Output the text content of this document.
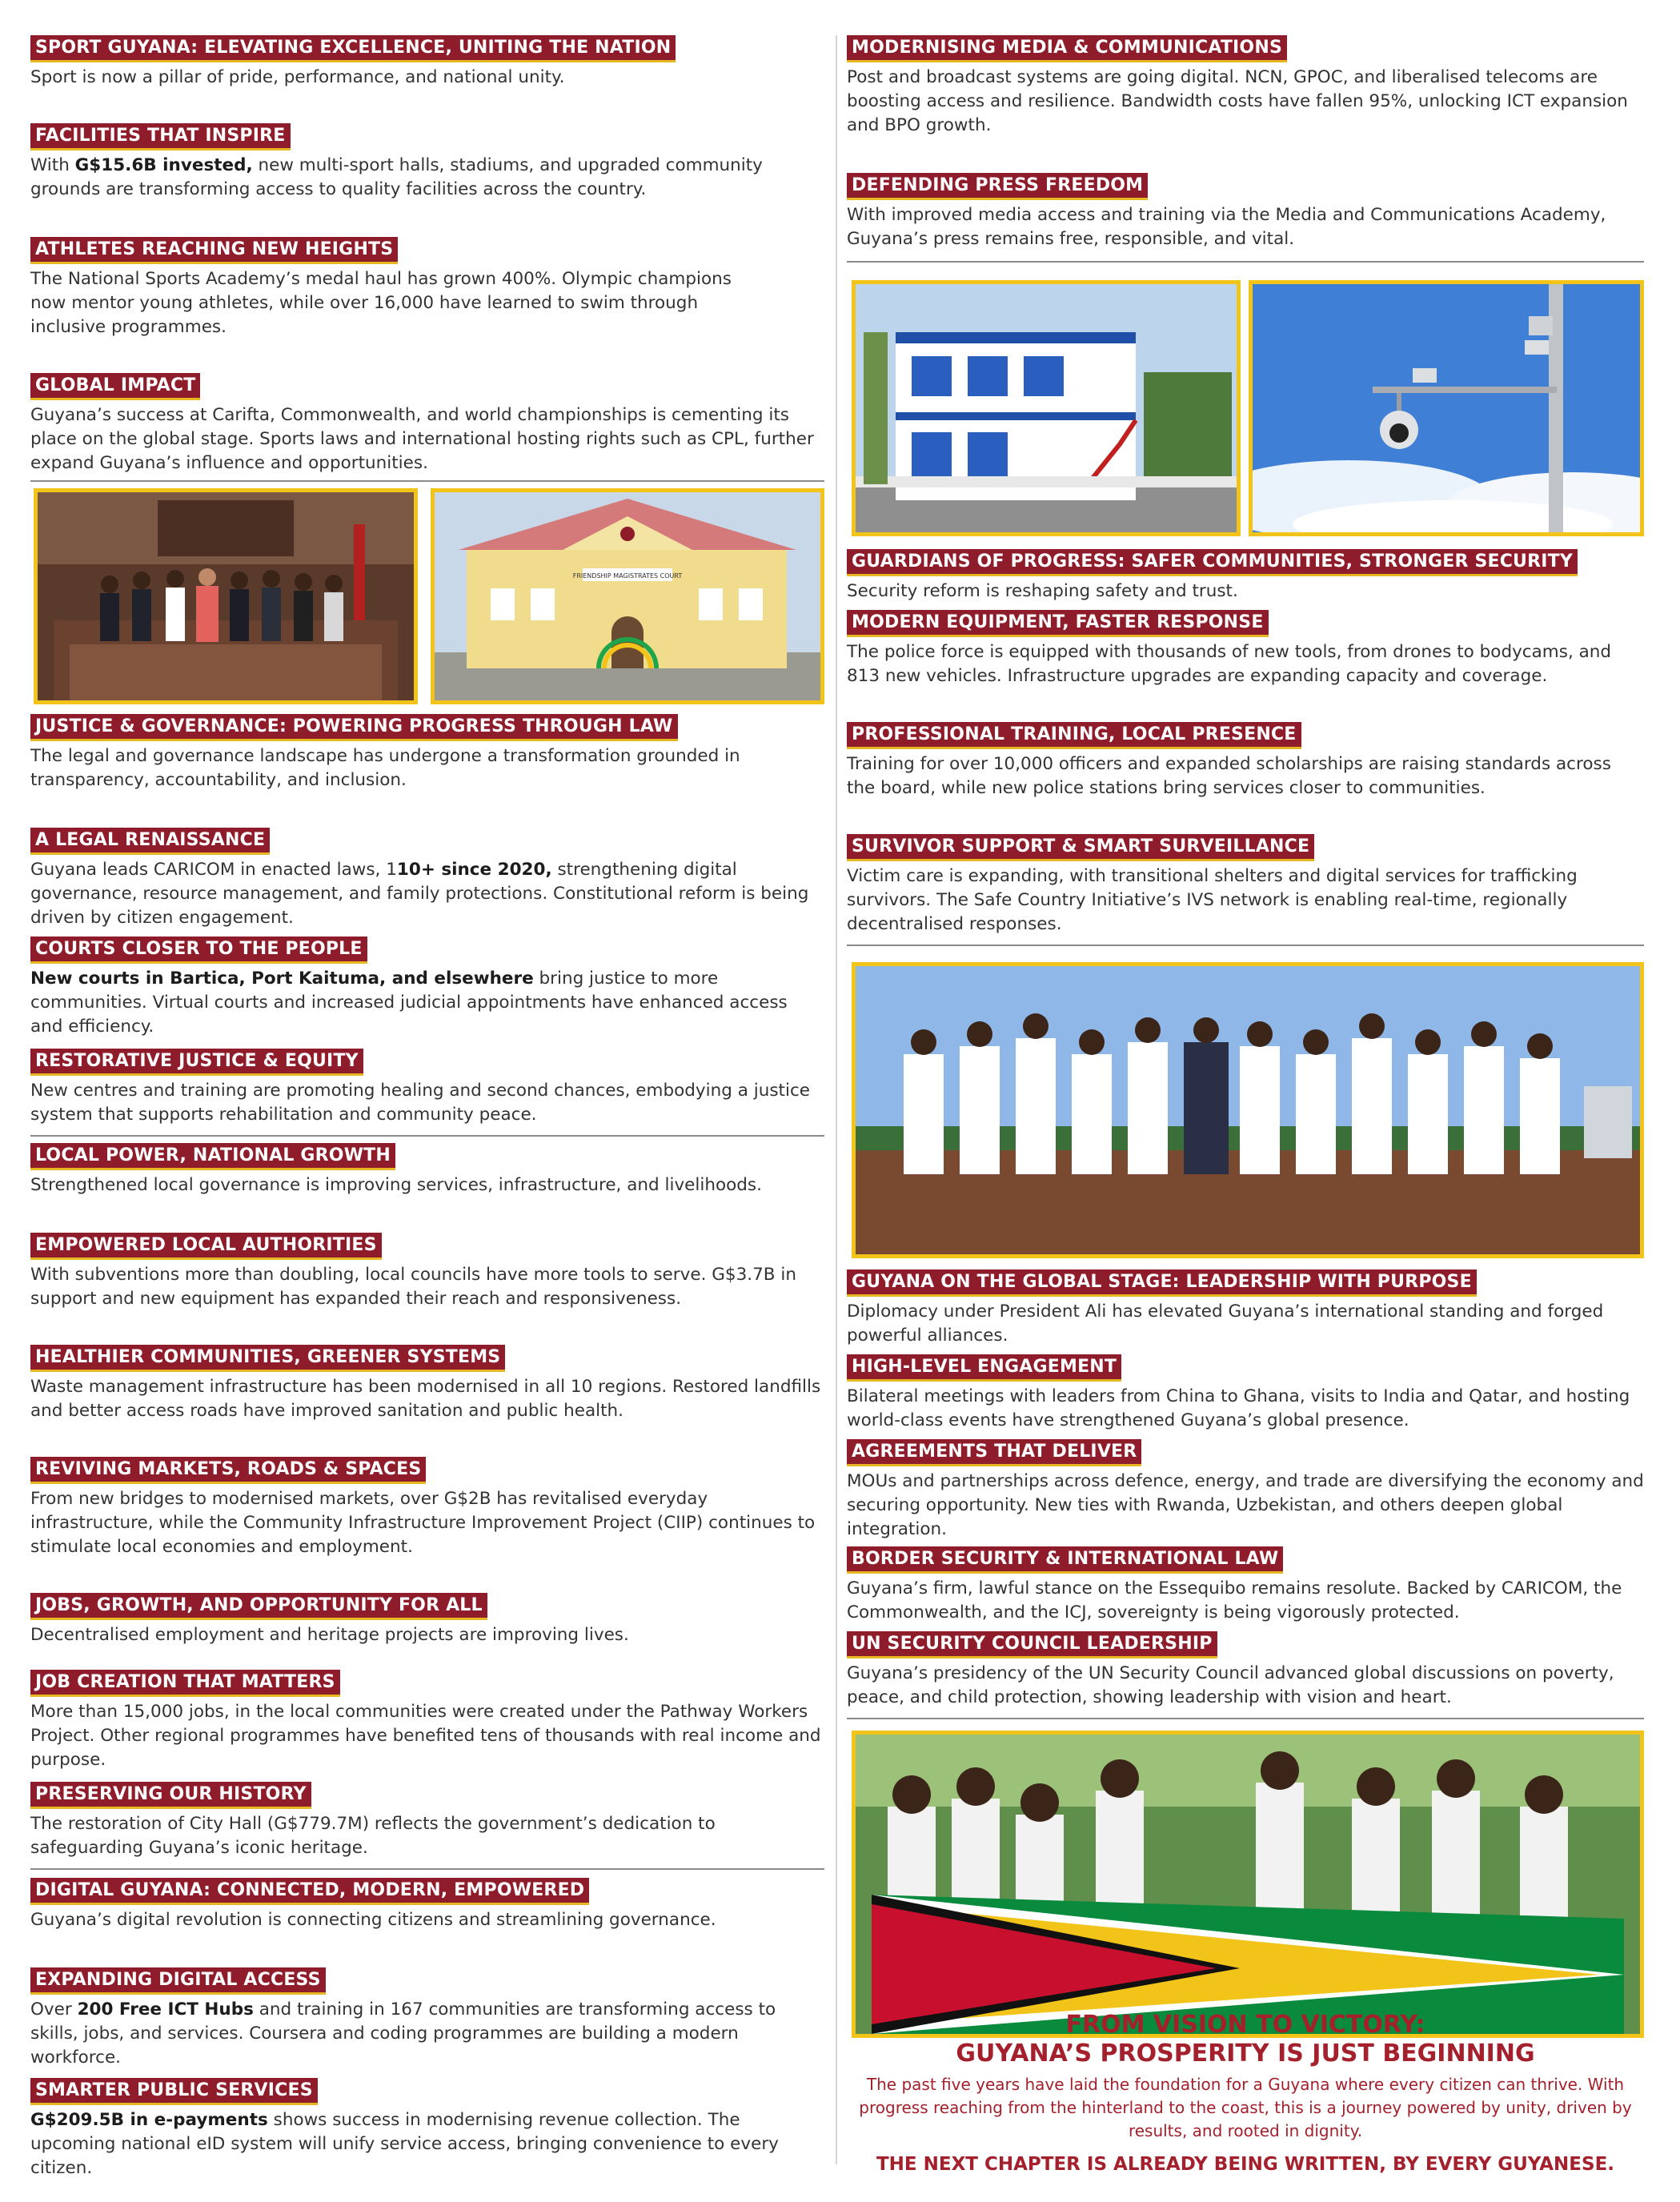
SPORT GUYANA: ELEVATING EXCELLENCE, UNITING THE NATION
Sport is now a pillar of pride, performance, and national unity.
FACILITIES THAT INSPIRE
With G$15.6B invested, new multi-sport halls, stadiums, and upgraded community grounds are transforming access to quality facilities across the country.
ATHLETES REACHING NEW HEIGHTS
The National Sports Academy’s medal haul has grown 400%. Olympic champions now mentor young athletes, while over 16,000 have learned to swim through inclusive programmes.
GLOBAL IMPACT
Guyana’s success at Carifta, Commonwealth, and world championships is cementing its place on the global stage. Sports laws and international hosting rights such as CPL, further expand Guyana’s influence and opportunities.
FRIENDSHIP MAGISTRATES COURT
JUSTICE & GOVERNANCE: POWERING PROGRESS THROUGH LAW
The legal and governance landscape has undergone a transformation grounded in transparency, accountability, and inclusion.
A LEGAL RENAISSANCE
Guyana leads CARICOM in enacted laws, 110+ since 2020, strengthening digital governance, resource management, and family protections. Constitutional reform is being driven by citizen engagement.
COURTS CLOSER TO THE PEOPLE
New courts in Bartica, Port Kaituma, and elsewhere bring justice to more communities. Virtual courts and increased judicial appointments have enhanced access and efficiency.
RESTORATIVE JUSTICE & EQUITY
New centres and training are promoting healing and second chances, embodying a justice system that supports rehabilitation and community peace.
LOCAL POWER, NATIONAL GROWTH
Strengthened local governance is improving services, infrastructure, and livelihoods.
EMPOWERED LOCAL AUTHORITIES
With subventions more than doubling, local councils have more tools to serve. G$3.7B in support and new equipment has expanded their reach and responsiveness.
HEALTHIER COMMUNITIES, GREENER SYSTEMS
Waste management infrastructure has been modernised in all 10 regions. Restored landfills and better access roads have improved sanitation and public health.
REVIVING MARKETS, ROADS & SPACES
From new bridges to modernised markets, over G$2B has revitalised everyday infrastructure, while the Community Infrastructure Improvement Project (CIIP) continues to stimulate local economies and employment.
JOBS, GROWTH, AND OPPORTUNITY FOR ALL
Decentralised employment and heritage projects are improving lives.
JOB CREATION THAT MATTERS
More than 15,000 jobs, in the local communities were created under the Pathway Workers Project. Other regional programmes have benefited tens of thousands with real income and purpose.
PRESERVING OUR HISTORY
The restoration of City Hall (G$779.7M) reflects the government’s dedication to safeguarding Guyana’s iconic heritage.
DIGITAL GUYANA: CONNECTED, MODERN, EMPOWERED
Guyana’s digital revolution is connecting citizens and streamlining governance.
EXPANDING DIGITAL ACCESS
Over 200 Free ICT Hubs and training in 167 communities are transforming access to skills, jobs, and services. Coursera and coding programmes are building a modern workforce.
SMARTER PUBLIC SERVICES
G$209.5B in e-payments shows success in modernising revenue collection. The upcoming national eID system will unify service access, bringing convenience to every citizen.
MODERNISING MEDIA & COMMUNICATIONS
Post and broadcast systems are going digital. NCN, GPOC, and liberalised telecoms are boosting access and resilience. Bandwidth costs have fallen 95%, unlocking ICT expansion and BPO growth.
DEFENDING PRESS FREEDOM
With improved media access and training via the Media and Communications Academy, Guyana’s press remains free, responsible, and vital.
GUARDIANS OF PROGRESS: SAFER COMMUNITIES, STRONGER SECURITY
Security reform is reshaping safety and trust.
MODERN EQUIPMENT, FASTER RESPONSE
The police force is equipped with thousands of new tools, from drones to bodycams, and 813 new vehicles. Infrastructure upgrades are expanding capacity and coverage.
PROFESSIONAL TRAINING, LOCAL PRESENCE
Training for over 10,000 officers and expanded scholarships are raising standards across the board, while new police stations bring services closer to communities.
SURVIVOR SUPPORT & SMART SURVEILLANCE
Victim care is expanding, with transitional shelters and digital services for trafficking survivors. The Safe Country Initiative’s IVS network is enabling real-time, regionally decentralised responses.
GUYANA ON THE GLOBAL STAGE: LEADERSHIP WITH PURPOSE
Diplomacy under President Ali has elevated Guyana’s international standing and forged powerful alliances.
HIGH-LEVEL ENGAGEMENT
Bilateral meetings with leaders from China to Ghana, visits to India and Qatar, and hosting world-class events have strengthened Guyana’s global presence.
AGREEMENTS THAT DELIVER
MOUs and partnerships across defence, energy, and trade are diversifying the economy and securing opportunity. New ties with Rwanda, Uzbekistan, and others deepen global integration.
BORDER SECURITY & INTERNATIONAL LAW
Guyana’s firm, lawful stance on the Essequibo remains resolute. Backed by CARICOM, the Commonwealth, and the ICJ, sovereignty is being vigorously protected.
UN SECURITY COUNCIL LEADERSHIP
Guyana’s presidency of the UN Security Council advanced global discussions on poverty, peace, and child protection, showing leadership with vision and heart.
FROM VISION TO VICTORY:
GUYANA’S PROSPERITY IS JUST BEGINNING
The past five years have laid the foundation for a Guyana where every citizen can thrive. With progress reaching from the hinterland to the coast, this is a journey powered by unity, driven by results, and rooted in dignity.
THE NEXT CHAPTER IS ALREADY BEING WRITTEN, BY EVERY GUYANESE.
